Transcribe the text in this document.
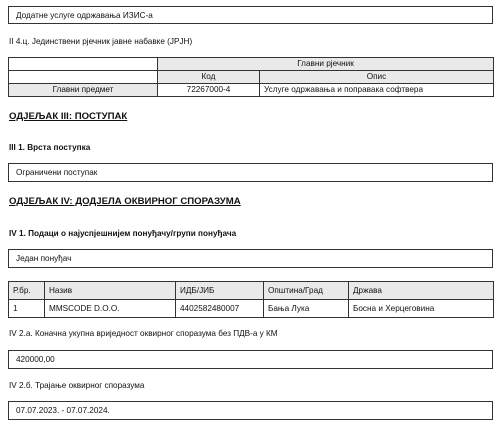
Додатне услуге одржавања ИЗИС-а
II 4.ц. Јединствени рјечник јавне набавке (JPJH)
	Главни рјечник	
	Код	Опис
Главни предмет	72267000-4	Услуге одржавања и поправака софтвера
ОДЈЕЉАК III: ПОСТУПАК
III 1. Врста поступка
Ограничени поступак
ОДЈЕЉАК IV: ДОДЈЕЛА ОКВИРНОГ СПОРАЗУМА
IV 1. Подаци о најуспјешнијем понуђачу/групи понуђача
Један понуђач
Р.бр.	Назив	ИДБ/ЈИБ	Општина/Град	Држава
1	MMSCODE D.O.O.	4402582480007	Бања Лука	Босна и Херцеговина
IV 2.а. Коначна укупна вриједност оквирног споразума без ПДВ-а у КМ
420000,00
IV 2.б. Трајање оквирног споразума
07.07.2023. - 07.07.2024.
